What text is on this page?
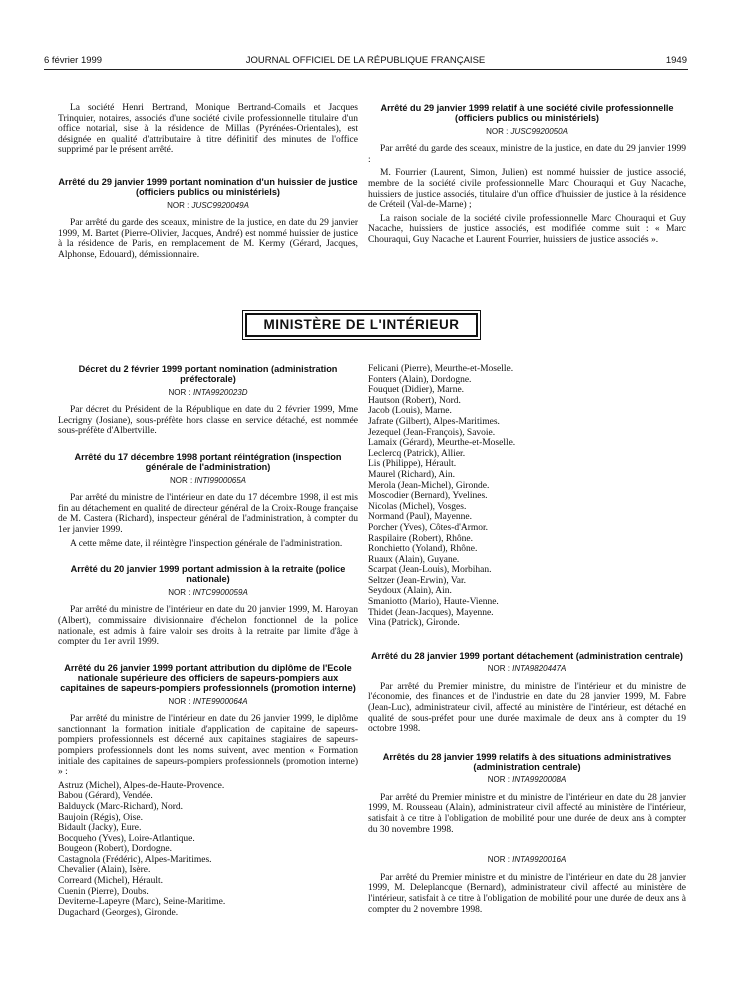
6 février 1999	JOURNAL OFFICIEL DE LA RÉPUBLIQUE FRANÇAISE	1949

La société Henri Bertrand, Monique Bertrand-Comails et Jacques Trinquier, notaires, associés d'une société civile professionnelle titulaire d'un office notarial, sise à la résidence de Millas (Pyrénées-Orientales), est désignée en qualité d'attributaire à titre définitif des minutes de l'office supprimé par le présent arrêté.

Arrêté du 29 janvier 1999 portant nomination d'un huissier de justice (officiers publics ou ministériels)
NOR : JUSC9920049A

Par arrêté du garde des sceaux, ministre de la justice, en date du 29 janvier 1999, M. Bartet (Pierre-Olivier, Jacques, André) est nommé huissier de justice à la résidence de Paris, en remplacement de M. Kermy (Gérard, Jacques, Alphonse, Edouard), démissionnaire.

Arrêté du 29 janvier 1999 relatif à une société civile professionnelle (officiers publics ou ministériels)
NOR : JUSC9920050A

Par arrêté du garde des sceaux, ministre de la justice, en date du 29 janvier 1999 :

M. Fourrier (Laurent, Simon, Julien) est nommé huissier de justice associé, membre de la société civile professionnelle Marc Chouraqui et Guy Nacache, huissiers de justice associés, titulaire d'un office d'huissier de justice à la résidence de Créteil (Val-de-Marne) ;

La raison sociale de la société civile professionnelle Marc Chouraqui et Guy Nacache, huissiers de justice associés, est modifiée comme suit : « Marc Chouraqui, Guy Nacache et Laurent Fourrier, huissiers de justice associés ».

MINISTÈRE DE L'INTÉRIEUR
Décret du 2 février 1999 portant nomination (administration préfectorale)
NOR : INTA9920023D

Par décret du Président de la République en date du 2 février 1999, Mme Lecrigny (Josiane), sous-préfète hors classe en service détaché, est nommée sous-préfète d'Albertville.

Arrêté du 17 décembre 1998 portant réintégration (inspection générale de l'administration)
NOR : INTI9900065A

Par arrêté du ministre de l'intérieur en date du 17 décembre 1998, il est mis fin au détachement en qualité de directeur général de la Croix-Rouge française de M. Castera (Richard), inspecteur général de l'administration, à compter du 1er janvier 1999.

A cette même date, il réintègre l'inspection générale de l'administration.

Arrêté du 20 janvier 1999 portant admission à la retraite (police nationale)
NOR : INTC9900059A

Par arrêté du ministre de l'intérieur en date du 20 janvier 1999, M. Haroyan (Albert), commissaire divisionnaire d'échelon fonctionnel de la police nationale, est admis à faire valoir ses droits à la retraite par limite d'âge à compter du 1er avril 1999.

Arrêté du 26 janvier 1999 portant attribution du diplôme de l'Ecole nationale supérieure des officiers de sapeurs-pompiers aux capitaines de sapeurs-pompiers professionnels (promotion interne)
NOR : INTE9900064A

Par arrêté du ministre de l'intérieur en date du 26 janvier 1999, le diplôme sanctionnant la formation initiale d'application de capitaine de sapeurs-pompiers professionnels est décerné aux capitaines stagiaires de sapeurs-pompiers professionnels dont les noms suivent, avec mention « Formation initiale des capitaines de sapeurs-pompiers professionnels (promotion interne) » :

Astruz (Michel), Alpes-de-Haute-Provence.

Babou (Gérard), Vendée.

Balduyck (Marc-Richard), Nord.

Baujoin (Régis), Oise.

Bidault (Jacky), Eure.

Bocqueho (Yves), Loire-Atlantique.

Bougeon (Robert), Dordogne.

Castagnola (Frédéric), Alpes-Maritimes.

Chevalier (Alain), Isère.

Correard (Michel), Hérault.

Cuenin (Pierre), Doubs.

Deviterne-Lapeyre (Marc), Seine-Maritime.

Dugachard (Georges), Gironde.

Felicani (Pierre), Meurthe-et-Moselle.

Fonters (Alain), Dordogne.

Fouquet (Didier), Marne.

Hautson (Robert), Nord.

Jacob (Louis), Marne.

Jafrate (Gilbert), Alpes-Maritimes.

Jezequel (Jean-François), Savoie.

Lamaix (Gérard), Meurthe-et-Moselle.

Leclercq (Patrick), Allier.

Lis (Philippe), Hérault.

Maurel (Richard), Ain.

Merola (Jean-Michel), Gironde.

Moscodier (Bernard), Yvelines.

Nicolas (Michel), Vosges.

Normand (Paul), Mayenne.

Porcher (Yves), Côtes-d'Armor.

Raspilaire (Robert), Rhône.

Ronchietto (Yoland), Rhône.

Ruaux (Alain), Guyane.

Scarpat (Jean-Louis), Morbihan.

Seltzer (Jean-Erwin), Var.

Seydoux (Alain), Ain.

Smaniotto (Mario), Haute-Vienne.

Thidet (Jean-Jacques), Mayenne.

Vina (Patrick), Gironde.

Arrêté du 28 janvier 1999 portant détachement (administration centrale)
NOR : INTA9820447A

Par arrêté du Premier ministre, du ministre de l'intérieur et du ministre de l'économie, des finances et de l'industrie en date du 28 janvier 1999, M. Fabre (Jean-Luc), administrateur civil, affecté au ministère de l'intérieur, est détaché en qualité de sous-préfet pour une durée maximale de deux ans à compter du 19 octobre 1998.

Arrêtés du 28 janvier 1999 relatifs à des situations administratives (administration centrale)
NOR : INTA9920008A

Par arrêté du Premier ministre et du ministre de l'intérieur en date du 28 janvier 1999, M. Rousseau (Alain), administrateur civil affecté au ministère de l'intérieur, satisfait à ce titre à l'obligation de mobilité pour une durée de deux ans à compter du 30 novembre 1998.

NOR : INTA9920016A

Par arrêté du Premier ministre et du ministre de l'intérieur en date du 28 janvier 1999, M. Deleplancque (Bernard), administrateur civil affecté au ministère de l'intérieur, satisfait à ce titre à l'obligation de mobilité pour une durée de deux ans à compter du 2 novembre 1998.
